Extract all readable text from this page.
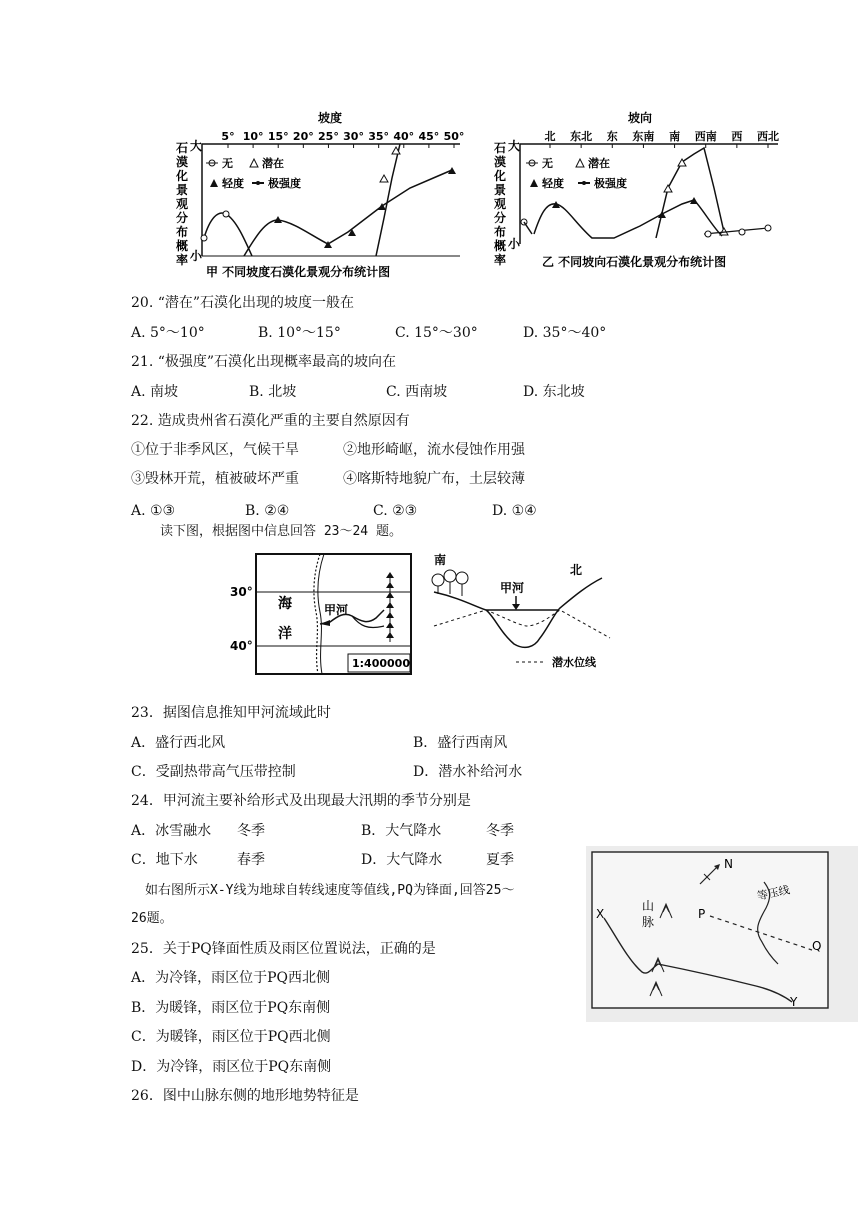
坡度
石漠化景观分布概率
大
小
5° 10° 15° 20° 25° 30° 35° 40° 45° 50°
无	潜在
轻度 极强度
甲 不同坡度石漠化景观分布统计图
坡向
石漠化景观分布概率
大
小
北 东北 东 东南 南 西南 西 西北
无	潜在
轻度	极强度
乙 不同坡向石漠化景观分布统计图
20. “潜在”石漠化出现的坡度一般在
A. 5°～10°	B. 10°～15°	C. 15°～30°	D. 35°～40°
21. “极强度”石漠化出现概率最高的坡向在
A. 南坡	B. 北坡	C. 西南坡	D. 东北坡
22. 造成贵州省石漠化严重的主要自然原因有
①位于非季风区，气候干旱	②地形崎岖，流水侵蚀作用强
③毁林开荒，植被破坏严重	④喀斯特地貌广布，土层较薄
A. ①③	B. ②④	C. ②③	D. ①④
读下图，根据图中信息回答 23～24 题。
30°
40°
海
洋
甲河
1:400000
南
北
甲河
潜水位线
23．据图信息推知甲河流域此时
A．盛行西北风	B．盛行西南风
C．受副热带高气压带控制	D．潜水补给河水
24．甲河流主要补给形式及出现最大汛期的季节分别是
A．冰雪融水 冬季	B．大气降水	冬季
C．地下水	春季	D．大气降水	夏季
如右图所示X-Y线为地球自转线速度等值线,PQ为锋面,回答25～
26题。
N
等压线
P
Q
X
Y
山
脉
25．关于PQ锋面性质及雨区位置说法，正确的是
A．为冷锋，雨区位于PQ西北侧
B．为暖锋，雨区位于PQ东南侧
C．为暖锋，雨区位于PQ西北侧
D．为冷锋，雨区位于PQ东南侧
26．图中山脉东侧的地形地势特征是
